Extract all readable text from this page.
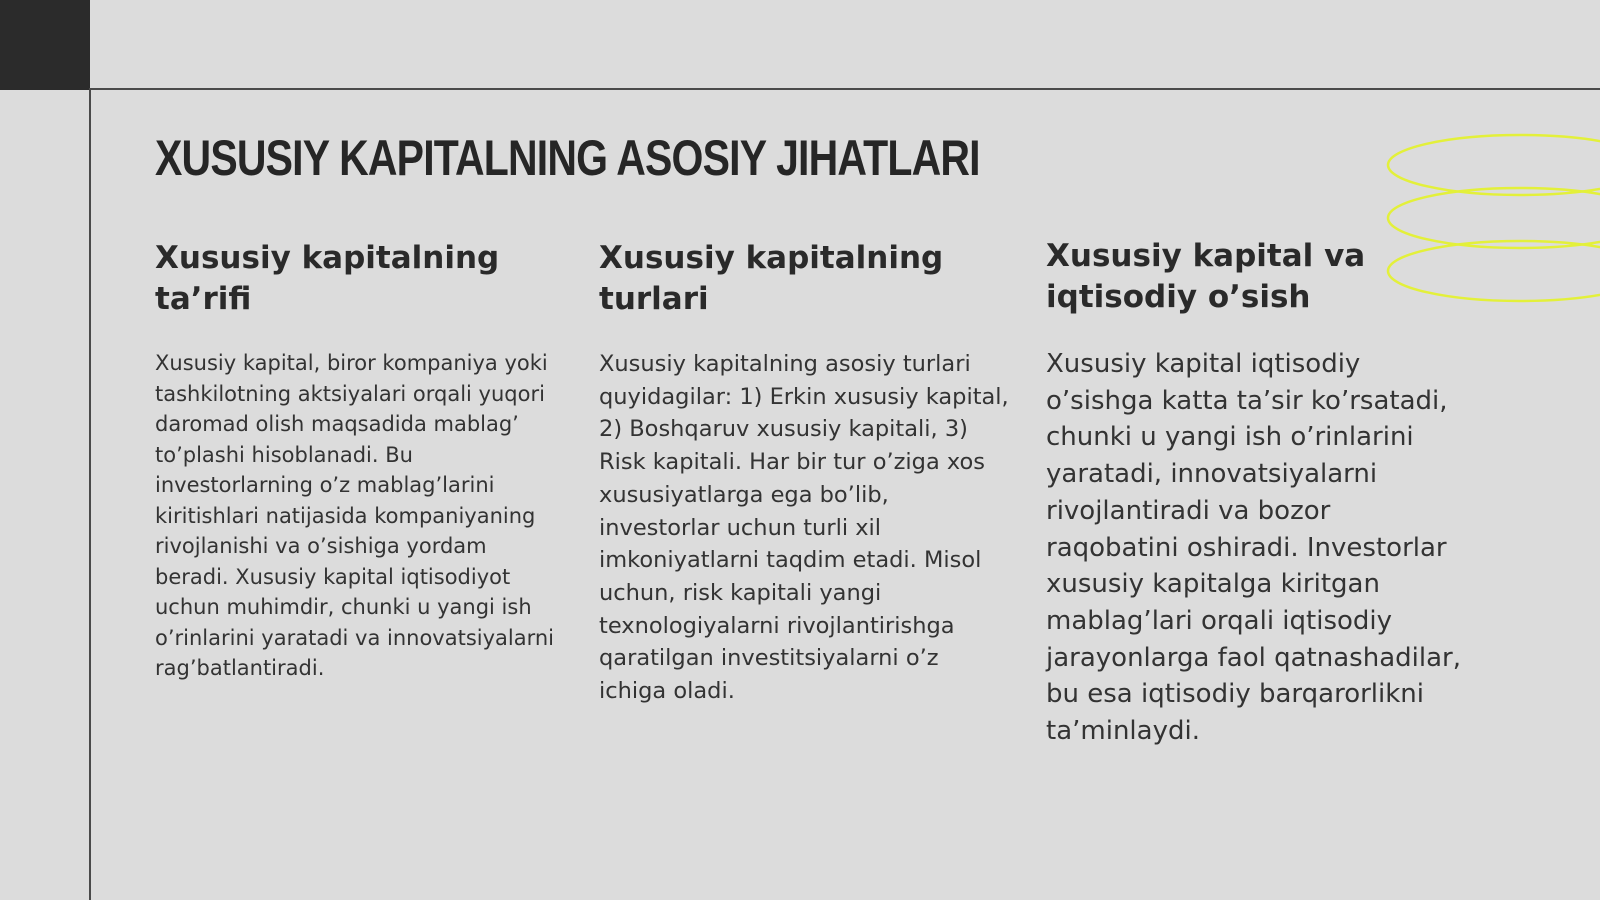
XUSUSIY KAPITALNING ASOSIY JIHATLARI
Xususiy kapitalning ta’rifi

Xususiy kapital, biror kompaniya yoki tashkilotning aktsiyalari orqali yuqori daromad olish maqsadida mablag’ to’plashi hisoblanadi. Bu investorlarning o’z mablag’larini kiritishlari natijasida kompaniyaning rivojlanishi va o’sishiga yordam beradi. Xususiy kapital iqtisodiyot uchun muhimdir, chunki u yangi ish o’rinlarini yaratadi va innovatsiyalarni rag’batlantiradi.

Xususiy kapitalning turlari

Xususiy kapitalning asosiy turlari quyidagilar: 1) Erkin xususiy kapital, 2) Boshqaruv xususiy kapitali, 3) Risk kapitali. Har bir tur o’ziga xos xususiyatlarga ega bo’lib, investorlar uchun turli xil imkoniyatlarni taqdim etadi. Misol uchun, risk kapitali yangi texnologiyalarni rivojlantirishga qaratilgan investitsiyalarni o’z ichiga oladi.

Xususiy kapital va iqtisodiy o’sish

Xususiy kapital iqtisodiy o’sishga katta ta’sir ko’rsatadi, chunki u yangi ish o’rinlarini yaratadi, innovatsiyalarni rivojlantiradi va bozor raqobatini oshiradi. Investorlar xususiy kapitalga kiritgan mablag’lari orqali iqtisodiy jarayonlarga faol qatnashadilar, bu esa iqtisodiy barqarorlikni ta’minlaydi.
